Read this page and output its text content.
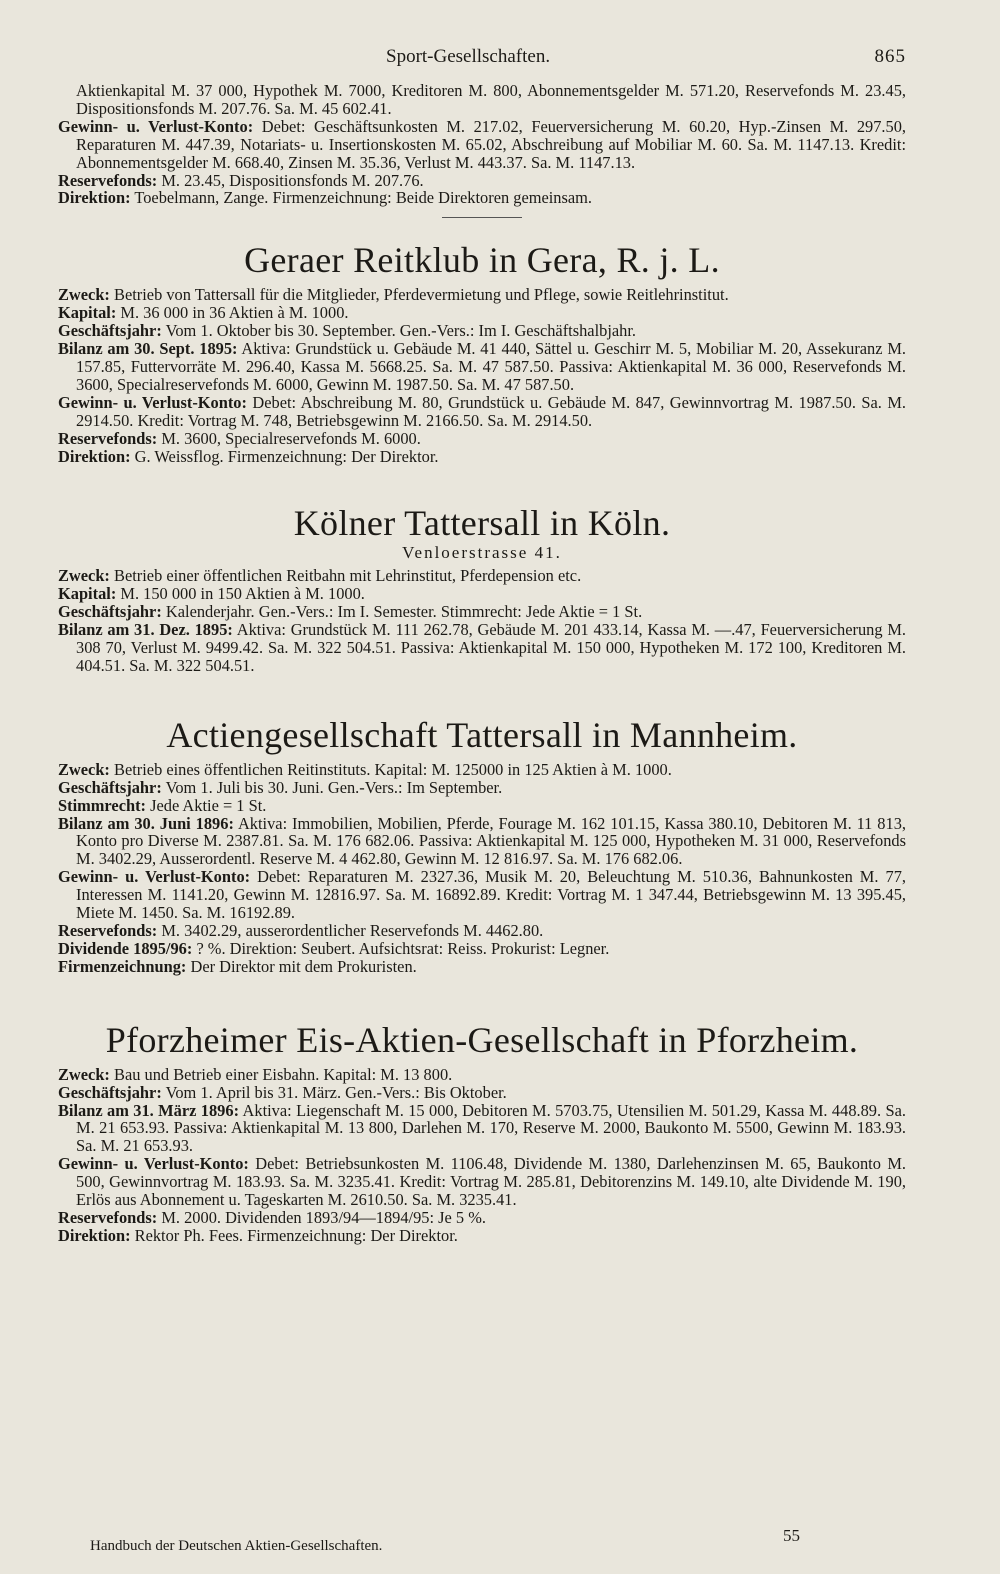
Sport-Gesellschaften.	865

Aktienkapital M. 37 000, Hypothek M. 7000, Kreditoren M. 800, Abonnementsgelder M. 571.20, Reservefonds M. 23.45, Dispositionsfonds M. 207.76. Sa. M. 45 602.41.

Gewinn- u. Verlust-Konto: Debet: Geschäftsunkosten M. 217.02, Feuerversicherung M. 60.20, Hyp.-Zinsen M. 297.50, Reparaturen M. 447.39, Notariats- u. Insertionskosten M. 65.02, Abschreibung auf Mobiliar M. 60. Sa. M. 1147.13. Kredit: Abonnementsgelder M. 668.40, Zinsen M. 35.36, Verlust M. 443.37. Sa. M. 1147.13.

Reservefonds: M. 23.45, Dispositionsfonds M. 207.76.

Direktion: Toebelmann, Zange. Firmenzeichnung: Beide Direktoren gemeinsam.

Geraer Reitklub in Gera, R. j. L.

Zweck: Betrieb von Tattersall für die Mitglieder, Pferdevermietung und Pflege, sowie Reitlehrinstitut.

Kapital: M. 36 000 in 36 Aktien à M. 1000.

Geschäftsjahr: Vom 1. Oktober bis 30. September. Gen.-Vers.: Im I. Geschäftshalbjahr.

Bilanz am 30. Sept. 1895: Aktiva: Grundstück u. Gebäude M. 41 440, Sättel u. Geschirr M. 5, Mobiliar M. 20, Assekuranz M. 157.85, Futtervorräte M. 296.40, Kassa M. 5668.25. Sa. M. 47 587.50. Passiva: Aktienkapital M. 36 000, Reservefonds M. 3600, Specialreservefonds M. 6000, Gewinn M. 1987.50. Sa. M. 47 587.50.

Gewinn- u. Verlust-Konto: Debet: Abschreibung M. 80, Grundstück u. Gebäude M. 847, Gewinnvortrag M. 1987.50. Sa. M. 2914.50. Kredit: Vortrag M. 748, Betriebsgewinn M. 2166.50. Sa. M. 2914.50.

Reservefonds: M. 3600, Specialreservefonds M. 6000.

Direktion: G. Weissflog. Firmenzeichnung: Der Direktor.

Kölner Tattersall in Köln.

Venloerstrasse 41.

Zweck: Betrieb einer öffentlichen Reitbahn mit Lehrinstitut, Pferdepension etc.

Kapital: M. 150 000 in 150 Aktien à M. 1000.

Geschäftsjahr: Kalenderjahr. Gen.-Vers.: Im I. Semester. Stimmrecht: Jede Aktie = 1 St.

Bilanz am 31. Dez. 1895: Aktiva: Grundstück M. 111 262.78, Gebäude M. 201 433.14, Kassa M. —.47, Feuerversicherung M. 308 70, Verlust M. 9499.42. Sa. M. 322 504.51. Passiva: Aktienkapital M. 150 000, Hypotheken M. 172 100, Kreditoren M. 404.51. Sa. M. 322 504.51.

Actiengesellschaft Tattersall in Mannheim.

Zweck: Betrieb eines öffentlichen Reitinstituts. Kapital: M. 125000 in 125 Aktien à M. 1000.

Geschäftsjahr: Vom 1. Juli bis 30. Juni. Gen.-Vers.: Im September.

Stimmrecht: Jede Aktie = 1 St.

Bilanz am 30. Juni 1896: Aktiva: Immobilien, Mobilien, Pferde, Fourage M. 162 101.15, Kassa 380.10, Debitoren M. 11 813, Konto pro Diverse M. 2387.81. Sa. M. 176 682.06. Passiva: Aktienkapital M. 125 000, Hypotheken M. 31 000, Reservefonds M. 3402.29, Ausserordentl. Reserve M. 4 462.80, Gewinn M. 12 816.97. Sa. M. 176 682.06.

Gewinn- u. Verlust-Konto: Debet: Reparaturen M. 2327.36, Musik M. 20, Beleuchtung M. 510.36, Bahnunkosten M. 77, Interessen M. 1141.20, Gewinn M. 12816.97. Sa. M. 16892.89. Kredit: Vortrag M. 1 347.44, Betriebsgewinn M. 13 395.45, Miete M. 1450. Sa. M. 16192.89.

Reservefonds: M. 3402.29, ausserordentlicher Reservefonds M. 4462.80.

Dividende 1895/96: ? %. Direktion: Seubert. Aufsichtsrat: Reiss. Prokurist: Legner.

Firmenzeichnung: Der Direktor mit dem Prokuristen.

Pforzheimer Eis-Aktien-Gesellschaft in Pforzheim.

Zweck: Bau und Betrieb einer Eisbahn. Kapital: M. 13 800.

Geschäftsjahr: Vom 1. April bis 31. März. Gen.-Vers.: Bis Oktober.

Bilanz am 31. März 1896: Aktiva: Liegenschaft M. 15 000, Debitoren M. 5703.75, Utensilien M. 501.29, Kassa M. 448.89. Sa. M. 21 653.93. Passiva: Aktienkapital M. 13 800, Darlehen M. 170, Reserve M. 2000, Baukonto M. 5500, Gewinn M. 183.93. Sa. M. 21 653.93.

Gewinn- u. Verlust-Konto: Debet: Betriebsunkosten M. 1106.48, Dividende M. 1380, Darlehenzinsen M. 65, Baukonto M. 500, Gewinnvortrag M. 183.93. Sa. M. 3235.41. Kredit: Vortrag M. 285.81, Debitorenzins M. 149.10, alte Dividende M. 190, Erlös aus Abonnement u. Tageskarten M. 2610.50. Sa. M. 3235.41.

Reservefonds: M. 2000. Dividenden 1893/94—1894/95: Je 5 %.

Direktion: Rektor Ph. Fees. Firmenzeichnung: Der Direktor.

Handbuch der Deutschen Aktien-Gesellschaften.
55
